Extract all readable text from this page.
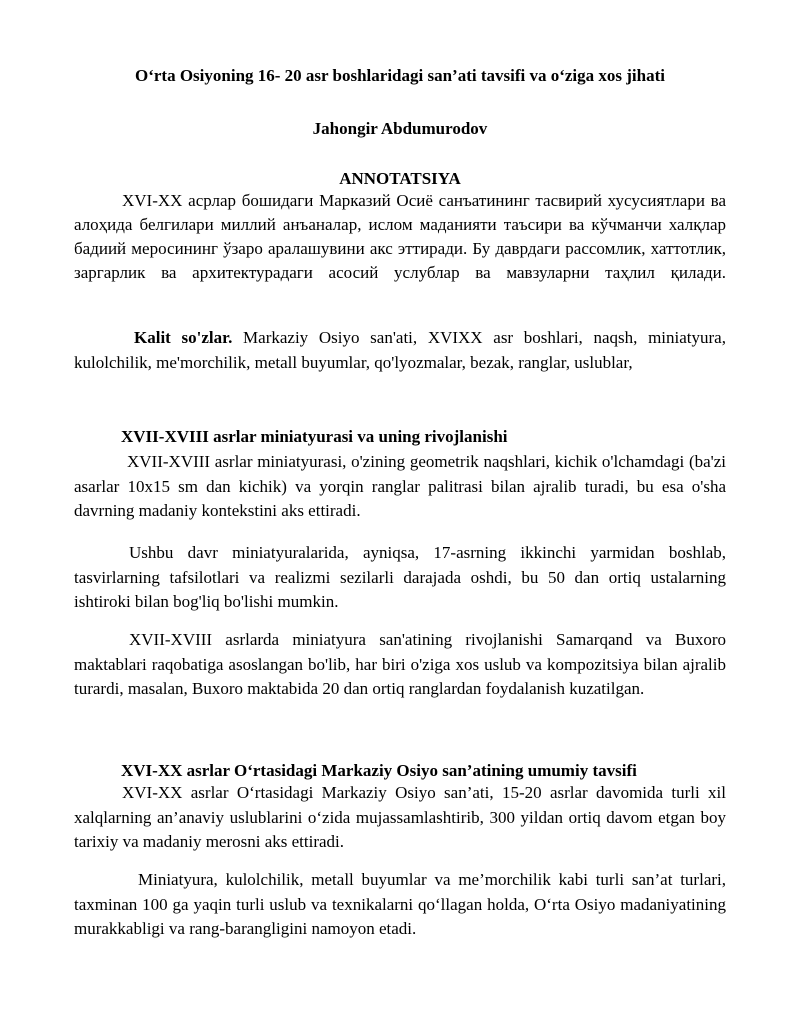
O‘rta Osiyoning 16- 20 asr boshlaridagi san’ati tavsifi va o‘ziga xos jihati
Jahongir Abdumurodov
ANNOTATSIYA
XVI-XX асрлар бошидаги Марказий Осиё санъатининг тасвирий хусусиятлари ва алоҳида белгилари миллий анъаналар, ислом маданияти таъсири ва кўчманчи халқлар бадиий меросининг ўзаро аралашувини акс эттиради. Бу даврдаги рассомлик, хаттотлик, заргарлик ва архитектурадаги асосий услублар ва мавзуларни таҳлил қилади.
Kalit so'zlar. Markaziy Osiyo san'ati, XVIXX asr boshlari, naqsh, miniatyura, kulolchilik, me'morchilik, metall buyumlar, qo'lyozmalar, bezak, ranglar, uslublar,
XVII-XVIII asrlar miniatyurasi va uning rivojlanishi
XVII-XVIII asrlar miniatyurasi, o'zining geometrik naqshlari, kichik o'lchamdagi (ba'zi asarlar 10x15 sm dan kichik) va yorqin ranglar palitrasi bilan ajralib turadi, bu esa o'sha davrning madaniy kontekstini aks ettiradi.
Ushbu davr miniatyuralarida, ayniqsa, 17-asrning ikkinchi yarmidan boshlab, tasvirlarning tafsilotlari va realizmi sezilarli darajada oshdi, bu 50 dan ortiq ustalarning ishtiroki bilan bog'liq bo'lishi mumkin.
XVII-XVIII asrlarda miniatyura san'atining rivojlanishi Samarqand va Buxoro maktablari raqobatiga asoslangan bo'lib, har biri o'ziga xos uslub va kompozitsiya bilan ajralib turardi, masalan, Buxoro maktabida 20 dan ortiq ranglardan foydalanish kuzatilgan.
XVI-XX asrlar O‘rtasidagi Markaziy Osiyo san’atining umumiy tavsifi
XVI-XX asrlar O‘rtasidagi Markaziy Osiyo san’ati, 15-20 asrlar davomida turli xil xalqlarning an’anaviy uslublarini o‘zida mujassamlashtirib, 300 yildan ortiq davom etgan boy tarixiy va madaniy merosni aks ettiradi.
Miniatyura, kulolchilik, metall buyumlar va me’morchilik kabi turli san’at turlari, taxminan 100 ga yaqin turli uslub va texnikalarni qo‘llagan holda, O‘rta Osiyo madaniyatining murakkabligi va rang-barangligini namoyon etadi.
